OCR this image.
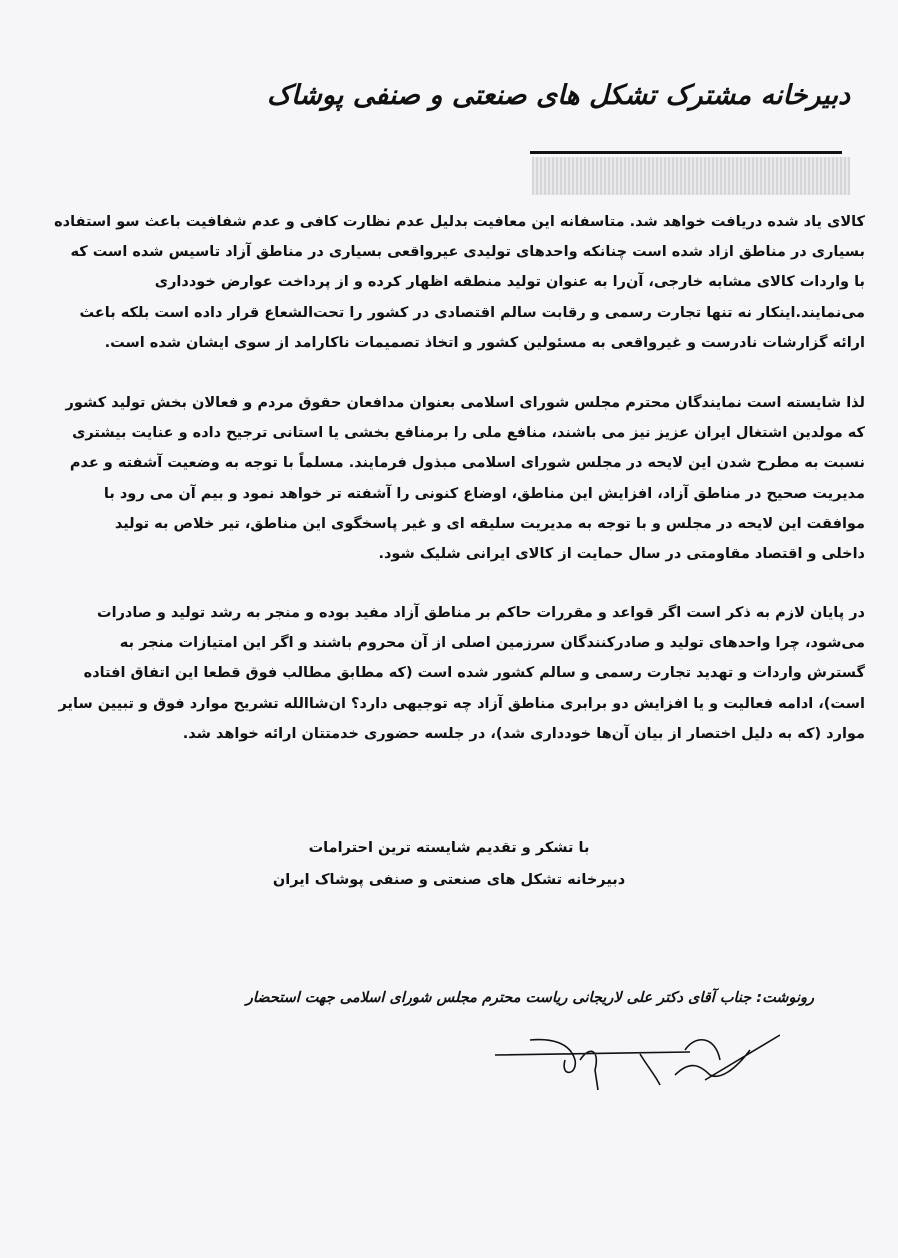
دبیرخانه مشترک تشکل های صنعتی و صنفی پوشاک
کالای یاد شده دریافت خواهد شد. متاسفانه این معافیت بدلیل عدم نظارت کافی و عدم شفافیت باعث سو استفاده
بسیاری در مناطق ازاد شده است چنانکه واحدهای تولیدی عیرواقعی بسیاری در مناطق آزاد تاسیس شده است که
با واردات کالای مشابه خارجی، آن‌را به عنوان تولید منطقه اظهار کرده و از پرداخت عوارض خودداری
می‌نمایند.اینکار نه تنها تجارت رسمی و رقابت سالم اقتصادی در کشور را تحت‌الشعاع قرار داده است بلکه باعث
ارائه گزارشات نادرست و غیرواقعی به مسئولین کشور و اتخاذ تصمیمات ناکارامد از سوی ایشان شده است.
لذا شایسته است نمایندگان محترم مجلس شورای اسلامی بعنوان مدافعان حقوق مردم و فعالان بخش تولید کشور
که مولدین اشتغال ایران عزیز نیز می باشند، منافع ملی را برمنافع بخشی یا استانی ترجیح داده و عنایت بیشتری
نسبت به مطرح شدن این لایحه در مجلس شورای اسلامی مبذول فرمایند. مسلماً با توجه به وضعیت آشفته و عدم
مدیریت صحیح در مناطق آزاد، افزایش این مناطق، اوضاع کنونی را آشفته تر خواهد نمود و بیم آن می رود با
موافقت این لایحه در مجلس و با توجه به مدیریت سلیقه ای و غیر پاسخگوی این مناطق، تیر خلاص به تولید
داخلی و اقتصاد مقاومتی در سال حمایت از کالای ایرانی شلیک شود.
در پایان لازم به ذکر است اگر قواعد و مقررات حاکم بر مناطق آزاد مفید بوده و منجر به رشد تولید و صادرات
می‌شود، چرا واحدهای تولید و صادرکنندگان سرزمین اصلی از آن محروم باشند و اگر این امتیازات منجر به
گسترش واردات و تهدید تجارت رسمی و سالم کشور شده است (که مطابق مطالب فوق قطعا این اتفاق افتاده
است)، ادامه فعالیت و یا افزایش دو برابری مناطق آزاد چه توجیهی دارد؟ ان‌شاالله تشریح موارد فوق و تبیین سایر
موارد (که به دلیل اختصار از بیان آن‌ها خودداری شد)، در جلسه حضوری خدمتتان ارائه خواهد شد.
با تشکر و تقدیم شایسته ترین احترامات
دبیرخانه تشکل های صنعتی و صنفی پوشاک ایران
رونوشت: جناب آقای دکتر علی لاریجانی ریاست محترم مجلس شورای اسلامی جهت استحضار
